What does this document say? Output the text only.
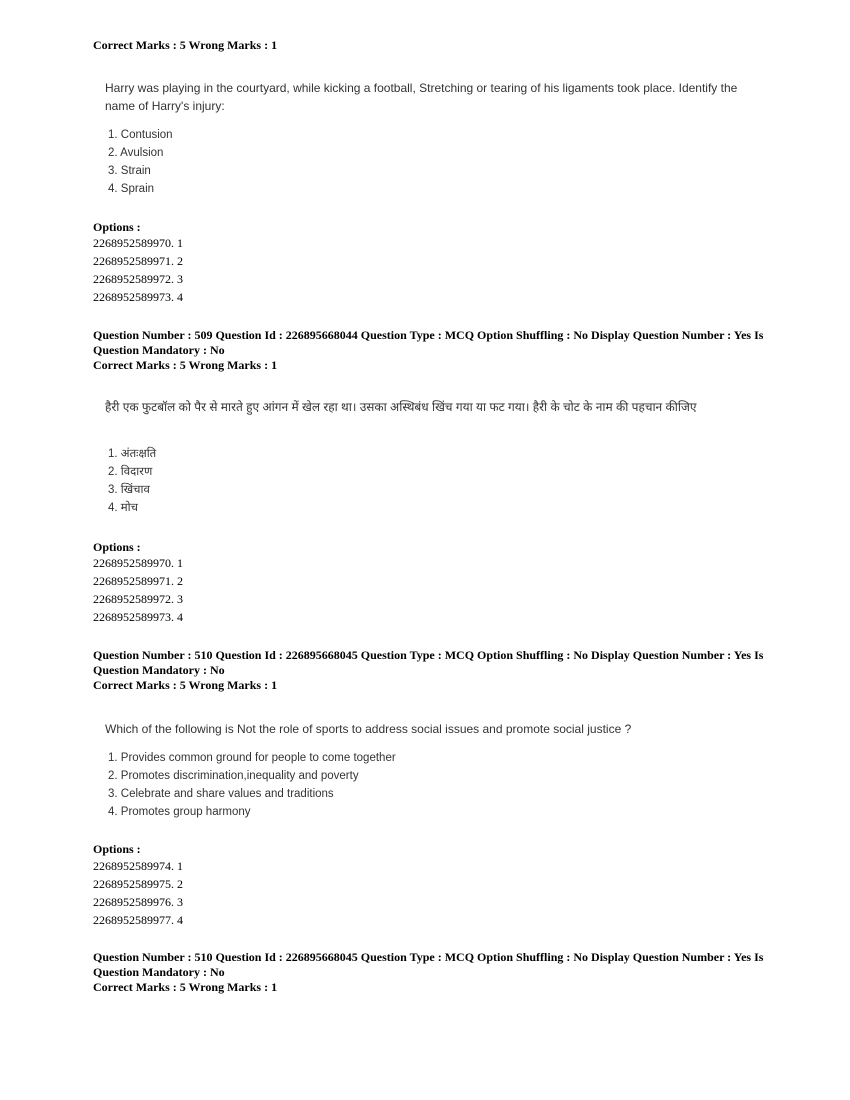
Correct Marks : 5 Wrong Marks : 1
Harry was playing in the courtyard, while kicking a football, Stretching or tearing of his ligaments took place. Identify the name of Harry's injury:
1. Contusion
2. Avulsion
3. Strain
4. Sprain
Options :
2268952589970. 1
2268952589971. 2
2268952589972. 3
2268952589973. 4
Question Number : 509 Question Id : 226895668044 Question Type : MCQ Option Shuffling : No Display Question Number : Yes Is
Question Mandatory : No
Correct Marks : 5 Wrong Marks : 1
हैरी एक फुटबॉल को पैर से मारते हुए आंगन में खेल रहा था। उसका अस्थिबंध खिंच गया या फट गया। हैरी के चोट के नाम की पहचान कीजिए
1. अंतःक्षति
2. विदारण
3. खिंचाव
4. मोच
Options :
2268952589970. 1
2268952589971. 2
2268952589972. 3
2268952589973. 4
Question Number : 510 Question Id : 226895668045 Question Type : MCQ Option Shuffling : No Display Question Number : Yes Is
Question Mandatory : No
Correct Marks : 5 Wrong Marks : 1
Which of the following is Not the role of sports to address social issues and promote social justice ?
1. Provides common ground for people to come together
2. Promotes discrimination,inequality and poverty
3. Celebrate and share values and traditions
4. Promotes group harmony
Options :
2268952589974. 1
2268952589975. 2
2268952589976. 3
2268952589977. 4
Question Number : 510 Question Id : 226895668045 Question Type : MCQ Option Shuffling : No Display Question Number : Yes Is
Question Mandatory : No
Correct Marks : 5 Wrong Marks : 1
